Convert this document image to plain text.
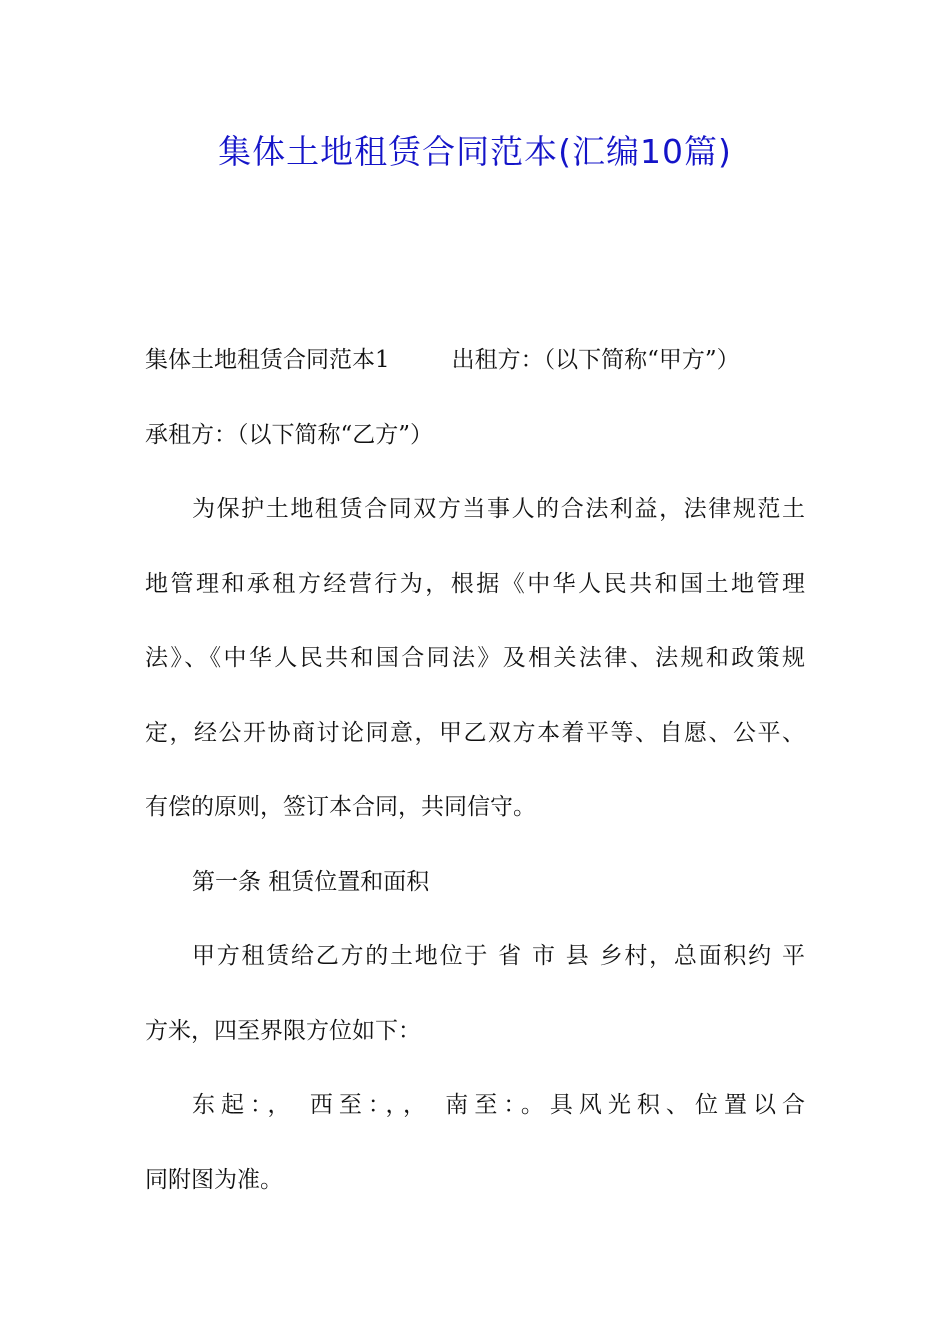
集体土地租赁合同范本(汇编10篇)
集体土地租赁合同范本1	出租方：（以下简称“甲方”）
承租方：（以下简称“乙方”）
为保护土地租赁合同双方当事人的合法利益，法律规范土
地管理和承租方经营行为，根据《中华人民共和国土地管理
法》、《中华人民共和国合同法》及相关法律、法规和政策规
定，经公开协商讨论同意，甲乙双方本着平等、自愿、公平、
有偿的原则，签订本合同，共同信守。
第一条 租赁位置和面积
甲方租赁给乙方的土地位于 省 市 县 乡村，总面积约 平
方米，四至界限方位如下：
东起：， 西至：，， 南至：。具风光积、位置以合
同附图为准。
